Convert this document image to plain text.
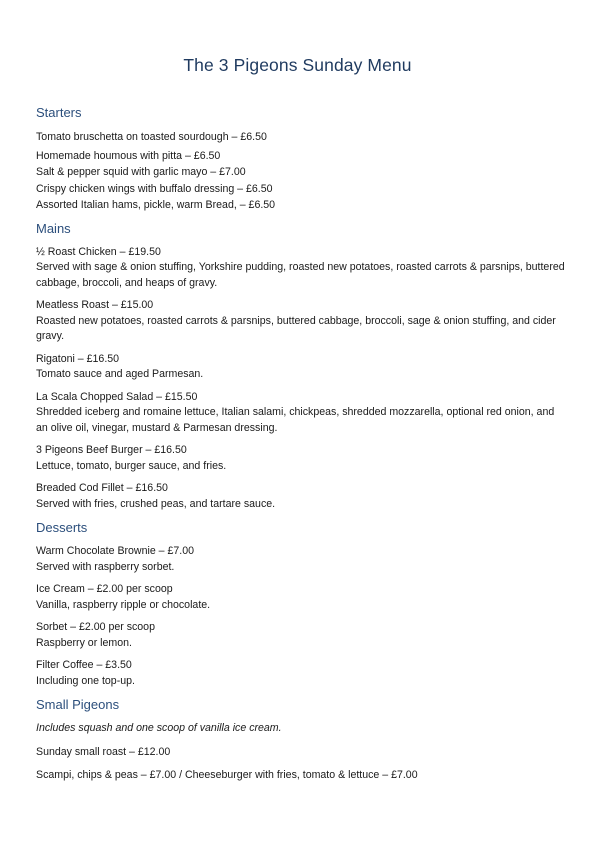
The 3 Pigeons Sunday Menu
Starters
Tomato bruschetta on toasted sourdough – £6.50
Homemade houmous with pitta – £6.50
Salt & pepper squid with garlic mayo – £7.00
Crispy chicken wings with buffalo dressing – £6.50
Assorted Italian hams, pickle, warm Bread, – £6.50
Mains
½ Roast Chicken – £19.50
Served with sage & onion stuffing, Yorkshire pudding, roasted new potatoes, roasted carrots & parsnips, buttered cabbage, broccoli, and heaps of gravy.
Meatless Roast – £15.00
Roasted new potatoes, roasted carrots & parsnips, buttered cabbage, broccoli, sage & onion stuffing, and cider gravy.
Rigatoni – £16.50
Tomato sauce and aged Parmesan.
La Scala Chopped Salad – £15.50
Shredded iceberg and romaine lettuce, Italian salami, chickpeas, shredded mozzarella, optional red onion, and an olive oil, vinegar, mustard & Parmesan dressing.
3 Pigeons Beef Burger – £16.50
Lettuce, tomato, burger sauce, and fries.
Breaded Cod Fillet – £16.50
Served with fries, crushed peas, and tartare sauce.
Desserts
Warm Chocolate Brownie – £7.00
Served with raspberry sorbet.
Ice Cream – £2.00 per scoop
Vanilla, raspberry ripple or chocolate.
Sorbet – £2.00 per scoop
Raspberry or lemon.
Filter Coffee – £3.50
Including one top-up.
Small Pigeons
Includes squash and one scoop of vanilla ice cream.
Sunday small roast – £12.00
Scampi, chips & peas – £7.00 / Cheeseburger with fries, tomato & lettuce – £7.00
